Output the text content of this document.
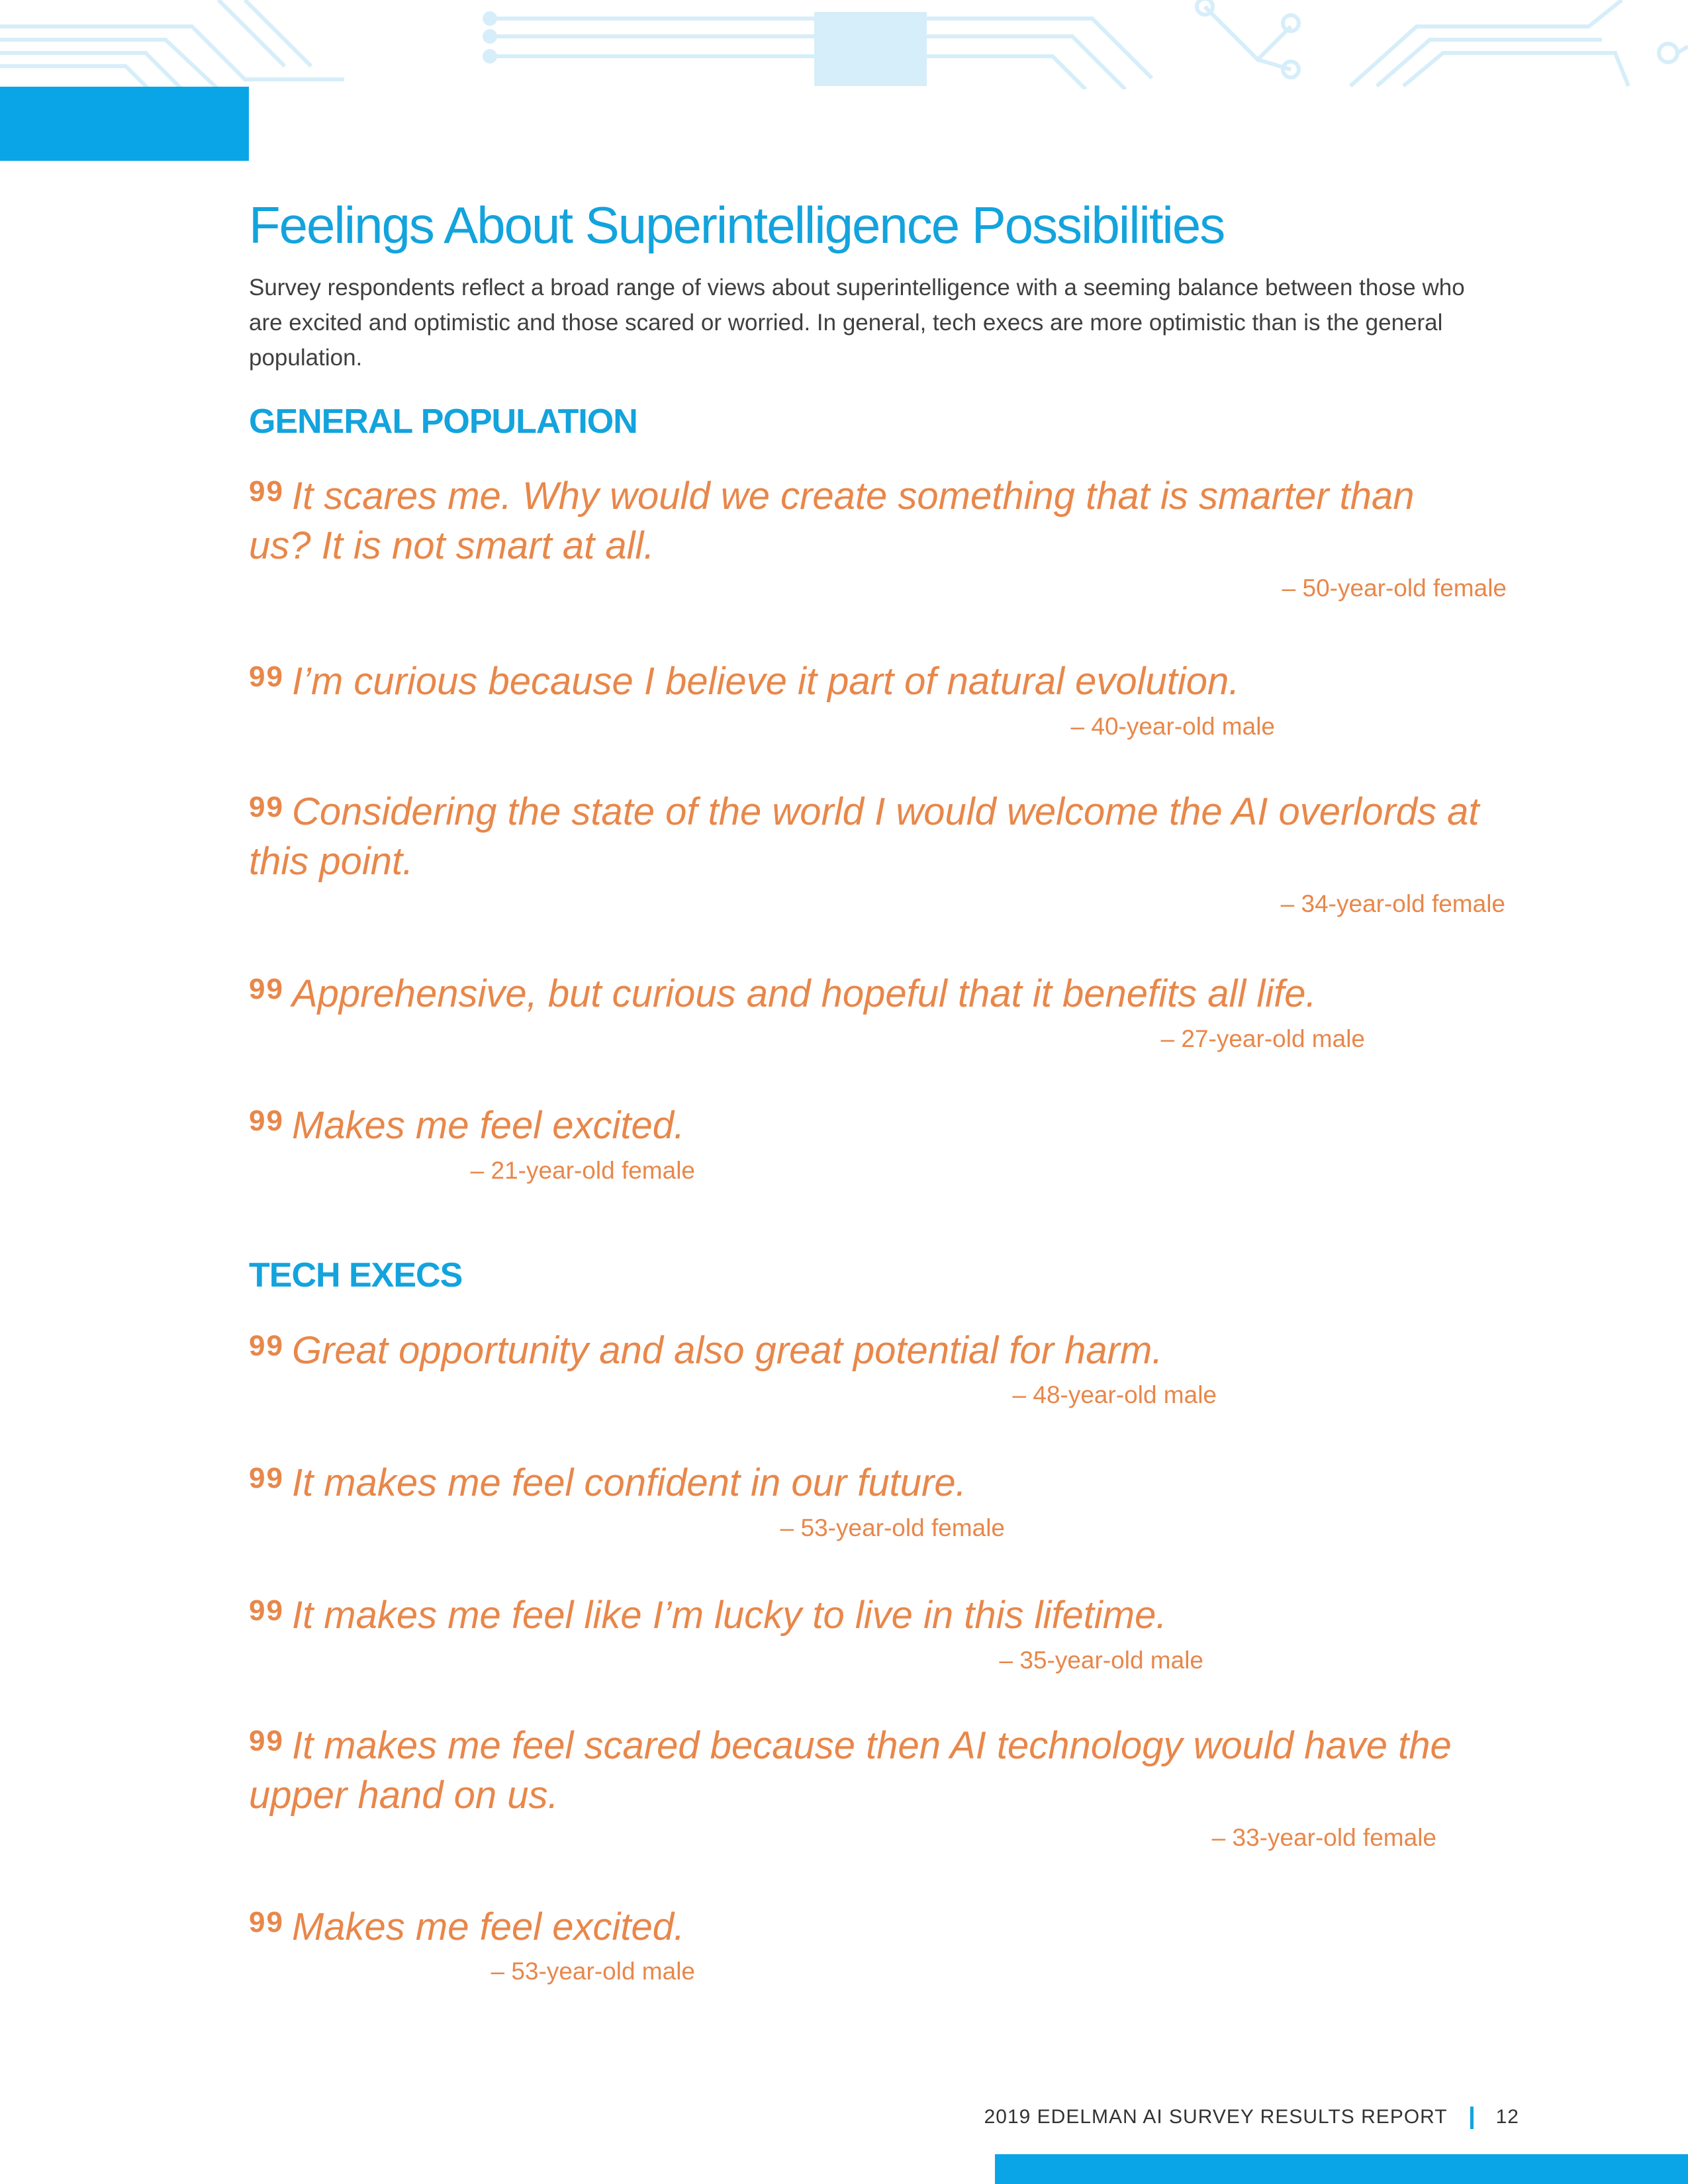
Feelings About Superintelligence Possibilities
Survey respondents reflect a broad range of views about superintelligence with a seeming balance between those who are excited and optimistic and those scared or worried. In general, tech execs are more optimistic than is the general population.
GENERAL POPULATION
$^{99}$ It scares me. Why would we create something that is smarter than us? It is not smart at all.
– 50-year-old female
$^{99}$ I’m curious because I believe it part of natural evolution.
– 40-year-old male
$^{99}$ Considering the state of the world I would welcome the AI overlords at this point.
– 34-year-old female
$^{99}$ Apprehensive, but curious and hopeful that it benefits all life.
– 27-year-old male
$^{99}$ Makes me feel excited.
– 21-year-old female
TECH EXECS
$^{99}$ Great opportunity and also great potential for harm.
– 48-year-old male
$^{99}$ It makes me feel confident in our future.
– 53-year-old female
$^{99}$ It makes me feel like I’m lucky to live in this lifetime.
– 35-year-old male
$^{99}$ It makes me feel scared because then AI technology would have the upper hand on us.
– 33-year-old female
$^{99}$ Makes me feel excited.
– 53-year-old male
2019 EDELMAN AI SURVEY RESULTS REPORT 12
